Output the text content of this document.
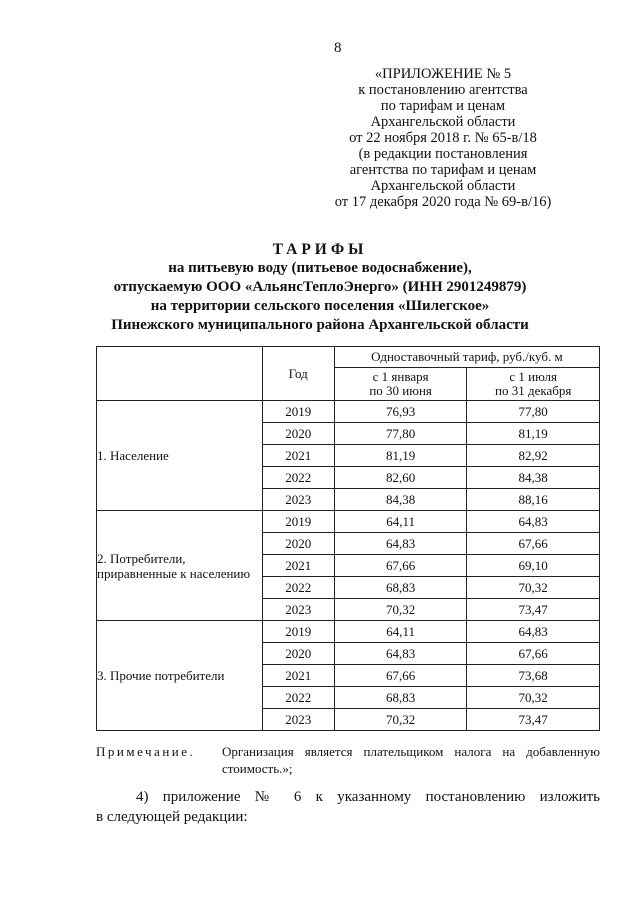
8
«ПРИЛОЖЕНИЕ № 5
к постановлению агентства
по тарифам и ценам
Архангельской области
от 22 ноября 2018 г. № 65-в/18
(в редакции постановления
агентства по тарифам и ценам
Архангельской области
от 17 декабря 2020 года № 69-в/16)
ТАРИФЫ
на питьевую воду (питьевое водоснабжение),
отпускаемую ООО «АльянсТеплоЭнерго» (ИНН 2901249879)
на территории сельского поселения «Шилегское»
Пинежского муниципального района Архангельской области
	Год	Одноставочный тариф, руб./куб. м	
		с 1 января
по 30 июня	с 1 июля
по 31 декабря
1. Население	2019	76,93	77,80
	2020	77,80	81,19
	2021	81,19	82,92
	2022	82,60	84,38
	2023	84,38	88,16
2. Потребители,
приравненные к населению	2019	64,11	64,83
	2020	64,83	67,66
	2021	67,66	69,10
	2022	68,83	70,32
	2023	70,32	73,47
3. Прочие потребители	2019	64,11	64,83
	2020	64,83	67,66
	2021	67,66	73,68
	2022	68,83	70,32
	2023	70,32	73,47
Примечание. Организация является плательщиком налога на добавленную стоимость.»;
4) приложение № 6 к указанному постановлению изложить
в следующей редакции:
